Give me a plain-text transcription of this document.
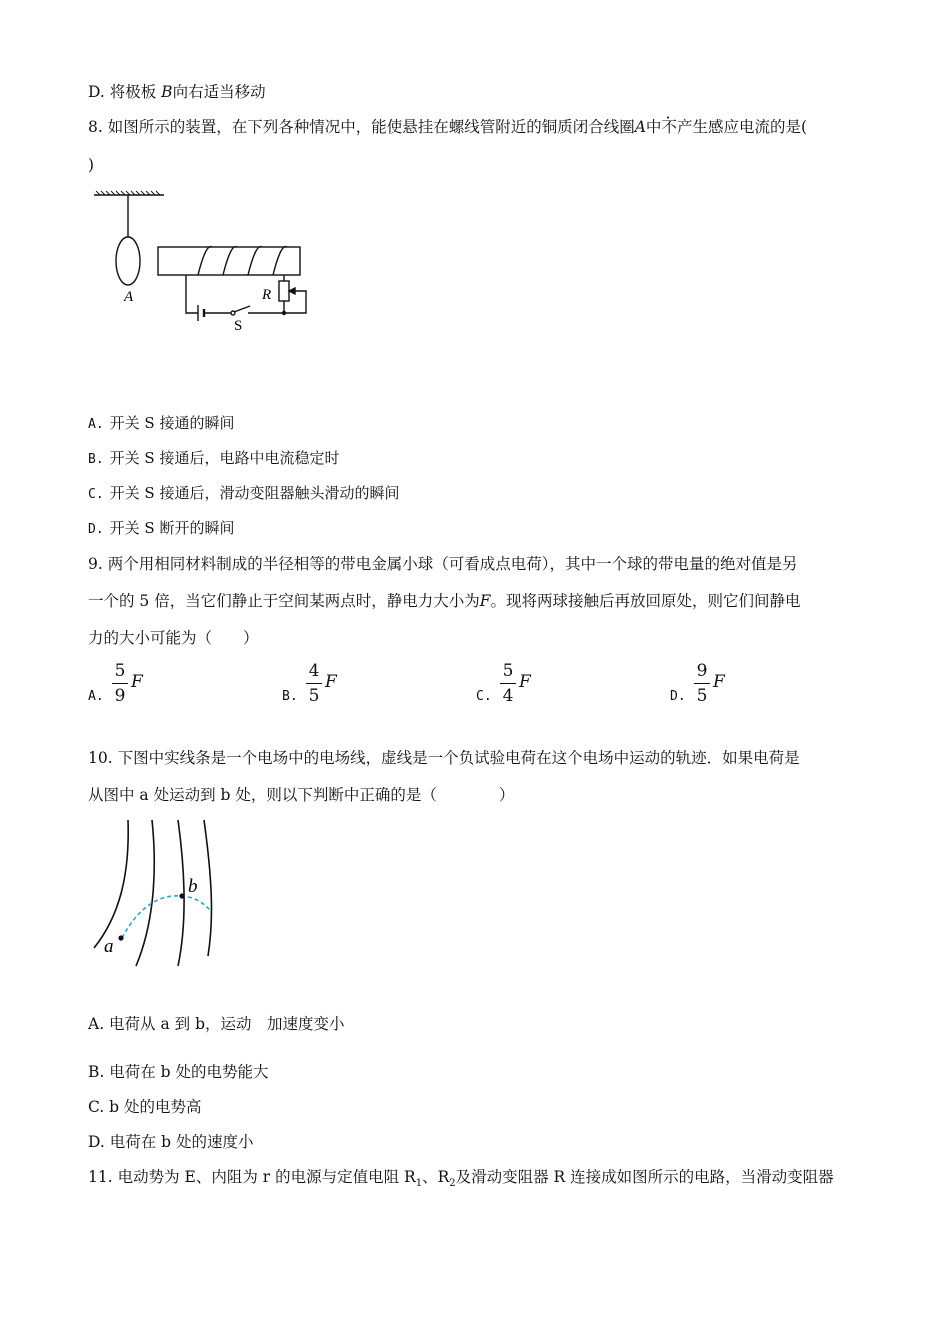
D. 将极板 B向右适当移动
8. 如图所示的装置，在下列各种情况中，能使悬挂在螺线管附近的铜质闭合线圈A中不产生感应电流的是(
)
A	R
S
A. 开关 S 接通的瞬间
B. 开关 S 接通后，电路中电流稳定时
C. 开关 S 接通后，滑动变阻器触头滑动的瞬间
D. 开关 S 断开的瞬间
9. 两个用相同材料制成的半径相等的带电金属小球（可看成点电荷），其中一个球的带电量的绝对值是另
一个的 5 倍，当它们静止于空间某两点时，静电力大小为F。现将两球接触后再放回原处，则它们间静电
力的大小可能为（　　）
A.
5
9
F
B.
4
5
F
C.
5
4
F
D.
9
5
F
10. 下图中实线条是一个电场中的电场线，虚线是一个负试验电荷在这个电场中运动的轨迹．如果电荷是
从图中 a 处运动到 b 处，则以下判断中正确的是（　　　　）
a
b
A. 电荷从 a 到 b，运动　加速度变小
B. 电荷在 b 处的电势能大
C. b 处的电势高
D. 电荷在 b 处的速度小
11. 电动势为 E、内阻为 r 的电源与定值电阻 $R_1$、$R_2$及滑动变阻器 R 连接成如图所示的电路，当滑动变阻器
